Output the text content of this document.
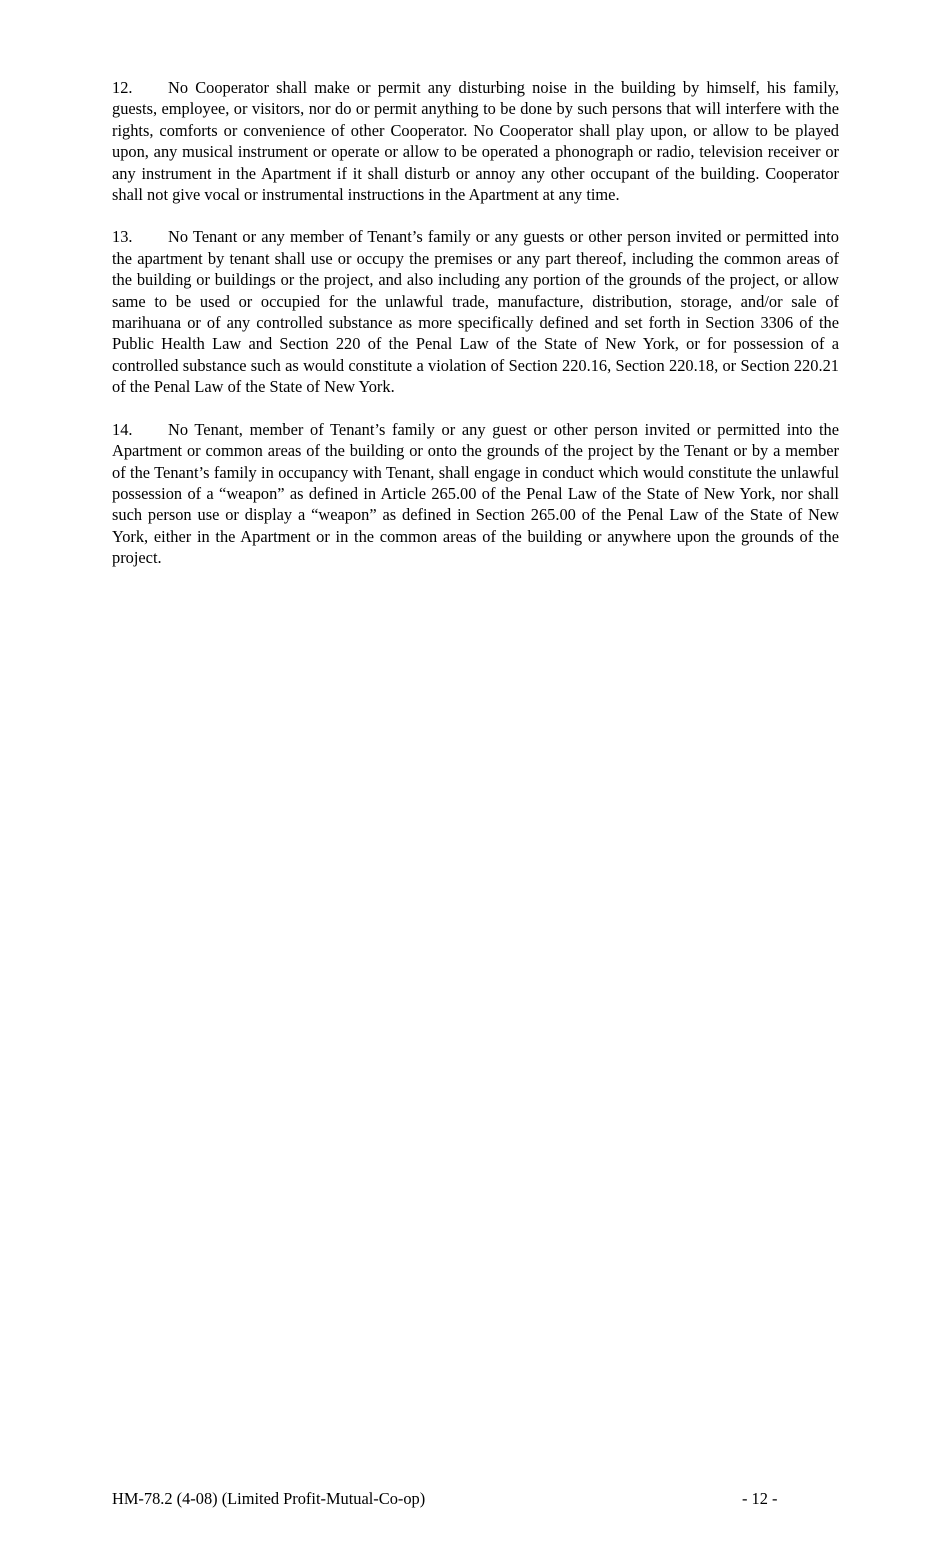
12. No Cooperator shall make or permit any disturbing noise in the building by himself, his family, guests, employee, or visitors, nor do or permit anything to be done by such persons that will interfere with the rights, comforts or convenience of other Cooperator. No Cooperator shall play upon, or allow to be played upon, any musical instrument or operate or allow to be operated a phonograph or radio, television receiver or any instrument in the Apartment if it shall disturb or annoy any other occupant of the building. Cooperator shall not give vocal or instrumental instructions in the Apartment at any time.

13. No Tenant or any member of Tenant’s family or any guests or other person invited or permitted into the apartment by tenant shall use or occupy the premises or any part thereof, including the common areas of the building or buildings or the project, and also including any portion of the grounds of the project, or allow same to be used or occupied for the unlawful trade, manufacture, distribution, storage, and/or sale of marihuana or of any controlled substance as more specifically defined and set forth in Section 3306 of the Public Health Law and Section 220 of the Penal Law of the State of New York, or for possession of a controlled substance such as would constitute a violation of Section 220.16, Section 220.18, or Section 220.21 of the Penal Law of the State of New York.

14. No Tenant, member of Tenant’s family or any guest or other person invited or permitted into the Apartment or common areas of the building or onto the grounds of the project by the Tenant or by a member of the Tenant’s family in occupancy with Tenant, shall engage in conduct which would constitute the unlawful possession of a “weapon” as defined in Article 265.00 of the Penal Law of the State of New York, nor shall such person use or display a “weapon” as defined in Section 265.00 of the Penal Law of the State of New York, either in the Apartment or in the common areas of the building or anywhere upon the grounds of the project.

HM-78.2 (4-08) (Limited Profit-Mutual-Co-op)	- 12 -
